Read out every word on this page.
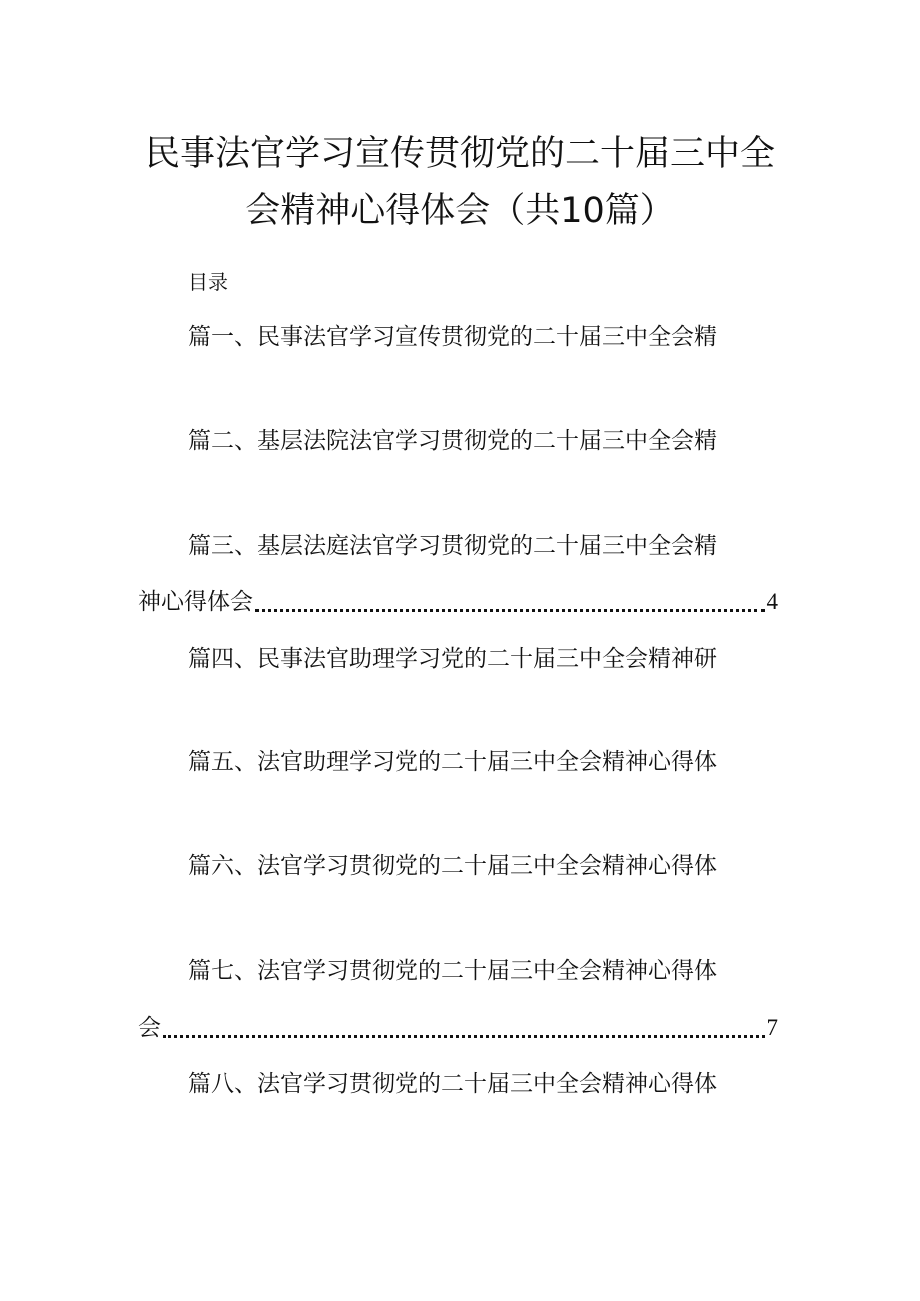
民事法官学习宣传贯彻党的二十届三中全
会精神心得体会（共10篇）
目录
篇一、民事法官学习宣传贯彻党的二十届三中全会精
篇二、基层法院法官学习贯彻党的二十届三中全会精
篇三、基层法庭法官学习贯彻党的二十届三中全会精
神心得体会	4
篇四、民事法官助理学习党的二十届三中全会精神研
篇五、法官助理学习党的二十届三中全会精神心得体
篇六、法官学习贯彻党的二十届三中全会精神心得体
篇七、法官学习贯彻党的二十届三中全会精神心得体
会	7
篇八、法官学习贯彻党的二十届三中全会精神心得体
